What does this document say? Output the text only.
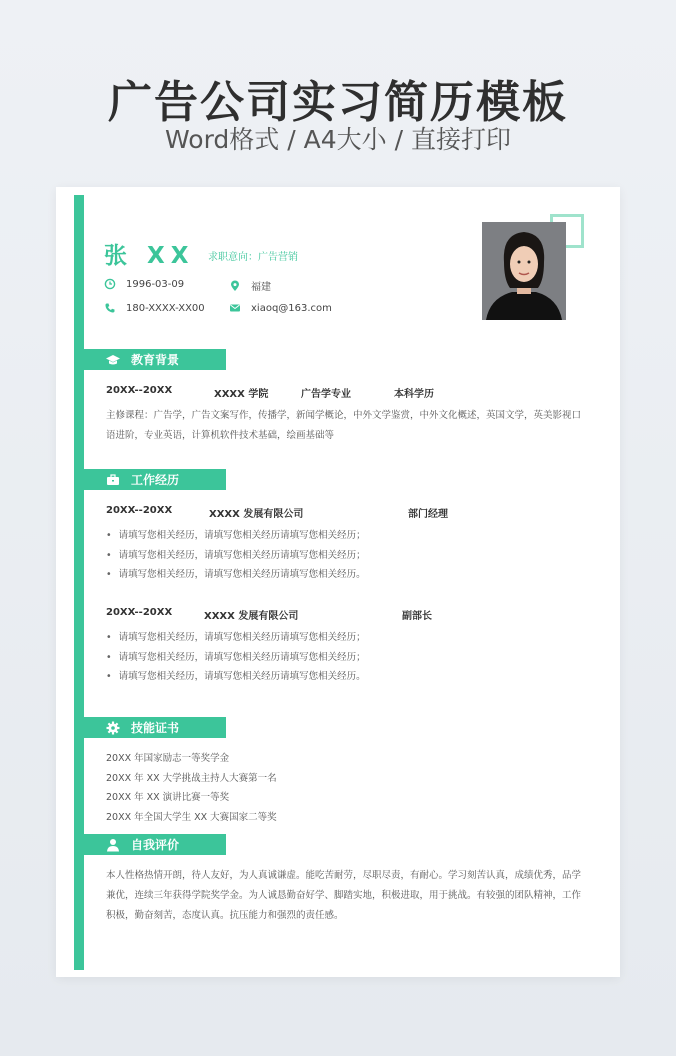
广告公司实习简历模板
Word格式 / A4大小 / 直接打印
张 XX 求职意向：广告营销
1996-03-09	福建
180-XXXX-XX00	xiaoq@163.com
教育背景
20XX--20XX	XXXX 学院	广告学专业	本科学历
主修课程：广告学，广告文案写作，传播学，新闻学概论，中外文学鉴赏，中外文化概述，英国文学，英美影视口语进阶，专业英语，计算机软件技术基础，绘画基础等
工作经历
20XX--20XX	XXXX 发展有限公司	部门经理
• 请填写您相关经历，请填写您相关经历请填写您相关经历；
• 请填写您相关经历，请填写您相关经历请填写您相关经历；
• 请填写您相关经历，请填写您相关经历请填写您相关经历。
20XX--20XX	XXXX 发展有限公司	副部长
• 请填写您相关经历，请填写您相关经历请填写您相关经历；
• 请填写您相关经历，请填写您相关经历请填写您相关经历；
• 请填写您相关经历，请填写您相关经历请填写您相关经历。
技能证书
20XX 年国家励志一等奖学金
20XX 年 XX 大学挑战主持人大赛第一名
20XX 年 XX 演讲比赛一等奖
20XX 年全国大学生 XX 大赛国家二等奖
自我评价
本人性格热情开朗，待人友好，为人真诚谦虚。能吃苦耐劳，尽职尽责，有耐心。学习刻苦认真，成绩优秀，品学兼优，连续三年获得学院奖学金。为人诚恳勤奋好学、脚踏实地，积极进取，用于挑战。有较强的团队精神，工作积极，勤奋刻苦，态度认真。抗压能力和强烈的责任感。
